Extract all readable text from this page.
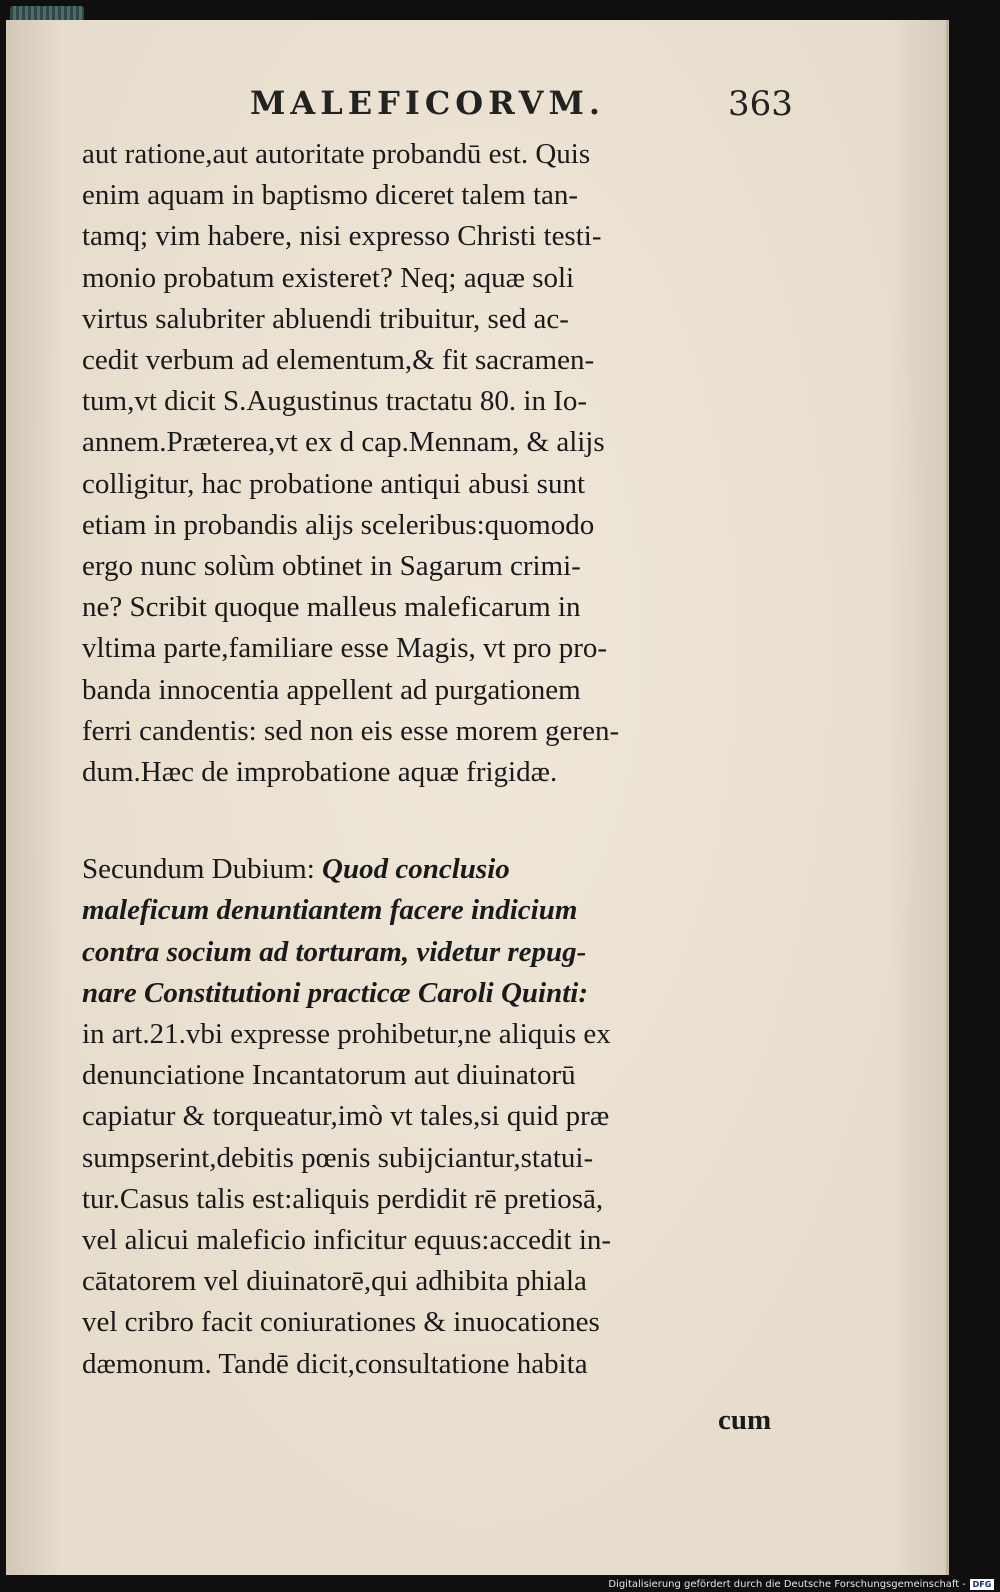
MALEFICORVM.	363
aut ratione,aut autoritate probandū est. Quis
enim aquam in baptismo diceret talem tan-
tamq; vim habere, nisi expresso Christi testi-
monio probatum existeret? Neq; aquæ soli
virtus salubriter abluendi tribuitur, sed ac-
cedit verbum ad elementum,& fit sacramen-
tum,vt dicit S.Augustinus tractatu 80. in Io-
annem.Præterea,vt ex d cap.Mennam, & alijs
colligitur, hac probatione antiqui abusi sunt
etiam in probandis alijs sceleribus:quomodo
ergo nunc solùm obtinet in Sagarum crimi-
ne? Scribit quoque malleus maleficarum in
vltima parte,familiare esse Magis, vt pro pro-
banda innocentia appellent ad purgationem
ferri candentis: sed non eis esse morem geren-
dum.Hæc de improbatione aquæ frigidæ.
Secundum Dubium: Quod conclusio
maleficum denuntiantem facere indicium
contra socium ad torturam, videtur repug-
nare Constitutioni practicæ Caroli Quinti:
in art.21.vbi expresse prohibetur,ne aliquis ex
denunciatione Incantatorum aut diuinatorū
capiatur & torqueatur,imò vt tales,si quid præ
sumpserint,debitis pœnis subijciantur,statui-
tur.Casus talis est:aliquis perdidit rē pretiosā,
vel alicui maleficio inficitur equus:accedit in-
cātatorem vel diuinatorē,qui adhibita phiala
vel cribro facit coniurationes & inuocationes
dæmonum. Tandē dicit,consultatione habita
cum
Digitalisierung gefördert durch die Deutsche Forschungsgemeinschaft - DFG
